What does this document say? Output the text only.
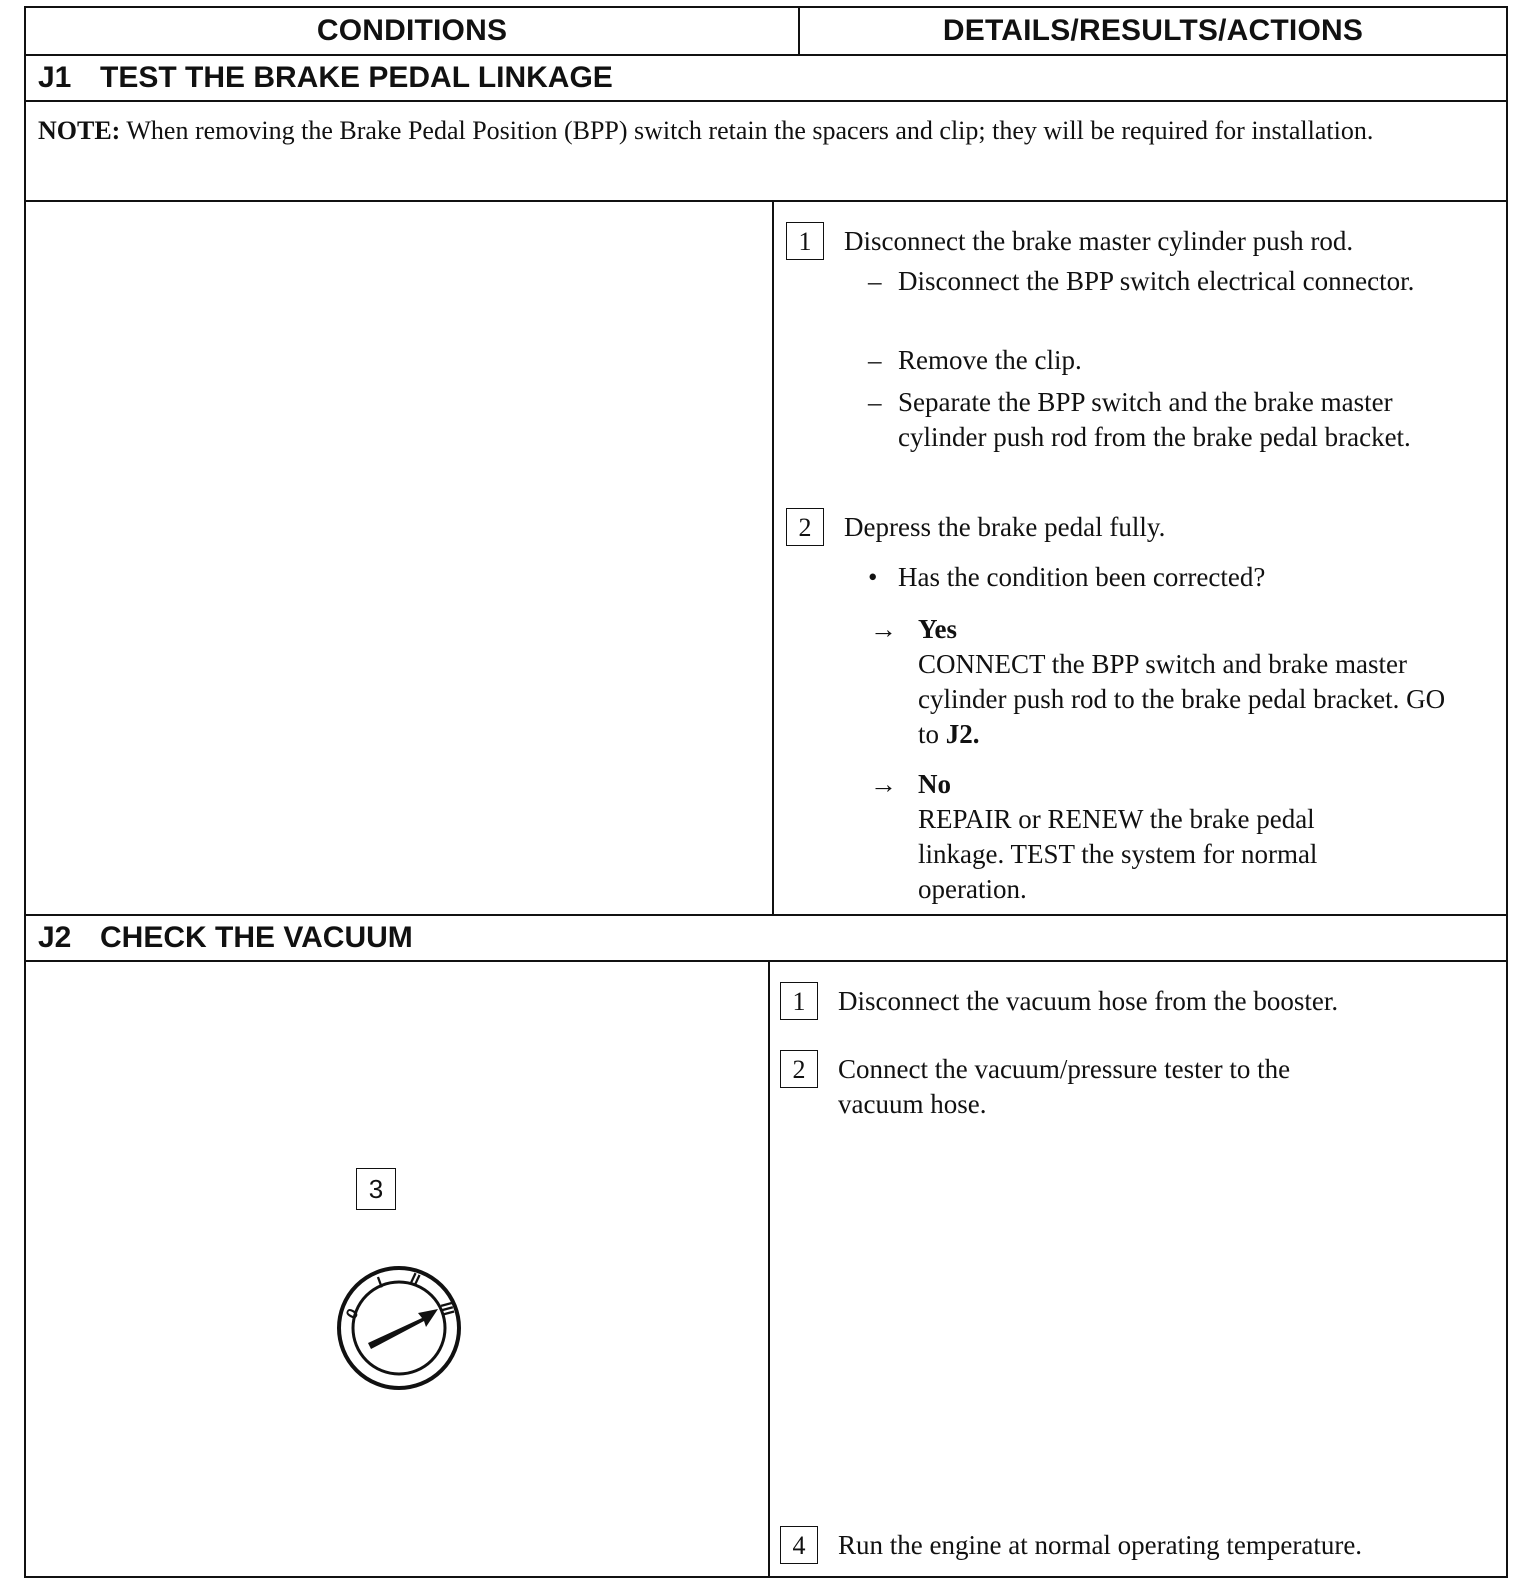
CONDITIONS	DETAILS/RESULTS/ACTIONS
J1 TEST THE BRAKE PEDAL LINKAGE
NOTE: When removing the Brake Pedal Position (BPP) switch retain the spacers and clip; they will be required for installation.
1	Disconnect the brake master cylinder push rod.
– Disconnect the BPP switch electrical connector.
– Remove the clip.
– Separate the BPP switch and the brake master cylinder push rod from the brake pedal bracket.
2	Depress the brake pedal fully.
• Has the condition been corrected?
→ Yes
CONNECT the BPP switch and brake master cylinder push rod to the brake pedal bracket. GO to J2.
→ No
REPAIR or RENEW the brake pedal linkage. TEST the system for normal operation.
J2 CHECK THE VACUUM
3
0
I II
III
1	Disconnect the vacuum hose from the booster.
2	Connect the vacuum/pressure tester to the vacuum hose.
4	Run the engine at normal operating temperature.
